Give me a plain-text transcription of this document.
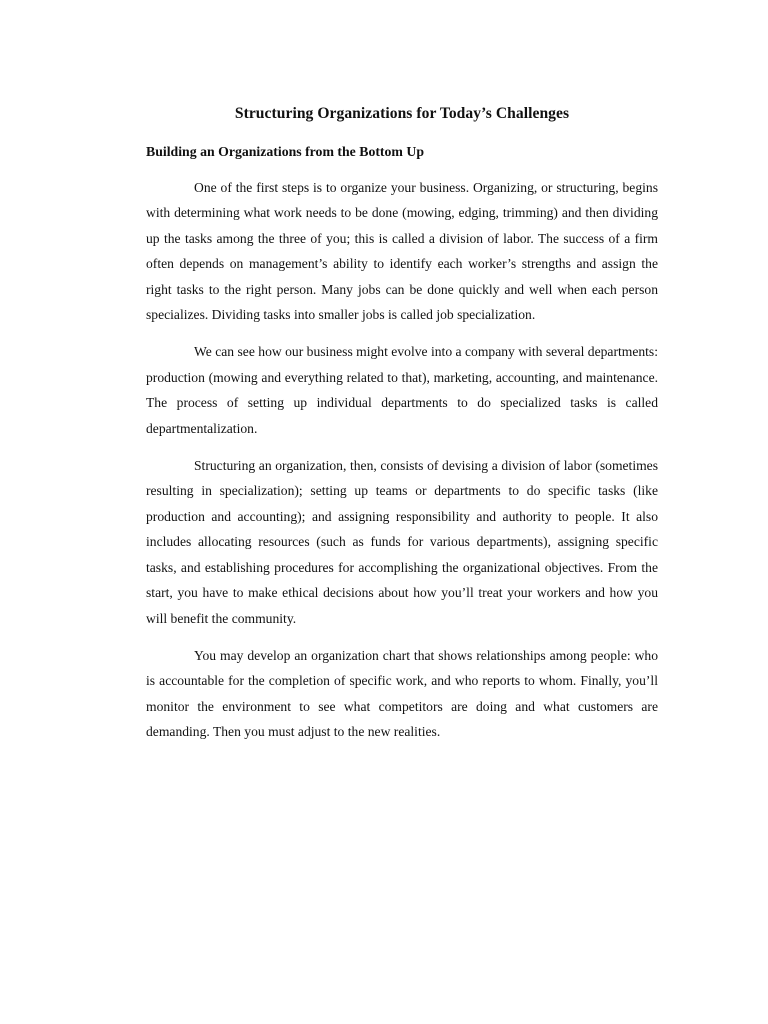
Structuring Organizations for Today’s Challenges
Building an Organizations from the Bottom Up

One of the first steps is to organize your business. Organizing, or structuring, begins with determining what work needs to be done (mowing, edging, trimming) and then dividing up the tasks among the three of you; this is called a division of labor. The success of a firm often depends on management’s ability to identify each worker’s strengths and assign the right tasks to the right person. Many jobs can be done quickly and well when each person specializes. Dividing tasks into smaller jobs is called job specialization.

We can see how our business might evolve into a company with several departments: production (mowing and everything related to that), marketing, accounting, and maintenance. The process of setting up individual departments to do specialized tasks is called departmentalization.

Structuring an organization, then, consists of devising a division of labor (sometimes resulting in specialization); setting up teams or departments to do specific tasks (like production and accounting); and assigning responsibility and authority to people. It also includes allocating resources (such as funds for various departments), assigning specific tasks, and establishing procedures for accomplishing the organizational objectives. From the start, you have to make ethical decisions about how you’ll treat your workers and how you will benefit the community.

You may develop an organization chart that shows relationships among people: who is accountable for the completion of specific work, and who reports to whom. Finally, you’ll monitor the environment to see what competitors are doing and what customers are demanding. Then you must adjust to the new realities.
